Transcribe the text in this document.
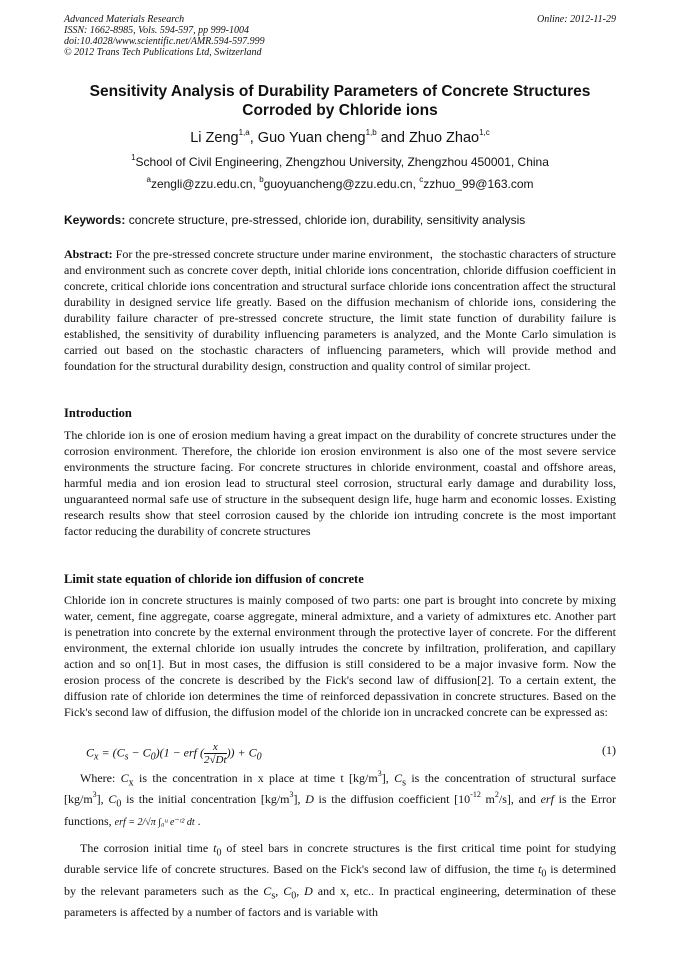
Advanced Materials Research
ISSN: 1662-8985, Vols. 594-597, pp 999-1004
doi:10.4028/www.scientific.net/AMR.594-597.999
© 2012 Trans Tech Publications Ltd, Switzerland
Online: 2012-11-29
Sensitivity Analysis of Durability Parameters of Concrete Structures
Corroded by Chloride ions
Li Zeng$^{1,a}$, Guo Yuan cheng$^{1,b}$ and Zhuo Zhao$^{1,c}$
$^1$School of Civil Engineering, Zhengzhou University, Zhengzhou 450001, China
$^a$zengli@zzu.edu.cn, $^b$guoyuancheng@zzu.edu.cn, $^c$zzhuo_99@163.com
Keywords: concrete structure, pre-stressed, chloride ion, durability, sensitivity analysis
Abstract: For the pre-stressed concrete structure under marine environment，the stochastic characters of structure and environment such as concrete cover depth, initial chloride ions concentration, chloride diffusion coefficient in concrete, critical chloride ions concentration and structural surface chloride ions concentration affect the structural durability in designed service life greatly. Based on the diffusion mechanism of chloride ions, considering the durability failure character of pre-stressed concrete structure, the limit state function of durability failure is established, the sensitivity of durability influencing parameters is analyzed, and the Monte Carlo simulation is carried out based on the stochastic characters of influencing parameters, which will provide method and foundation for the structural durability design, construction and quality control of similar project.
Introduction
The chloride ion is one of erosion medium having a great impact on the durability of concrete structures under the corrosion environment. Therefore, the chloride ion erosion environment is also one of the most severe service environments the structure facing. For concrete structures in chloride environment, coastal and offshore areas, harmful media and ion erosion lead to structural steel corrosion, structural early damage and durability loss, unguaranteed normal safe use of structure in the subsequent design life, huge harm and economic losses. Existing research results show that steel corrosion caused by the chloride ion intruding concrete is the most important factor reducing the durability of concrete structures
Limit state equation of chloride ion diffusion of concrete
Chloride ion in concrete structures is mainly composed of two parts: one part is brought into concrete by mixing water, cement, fine aggregate, coarse aggregate, mineral admixture, and a variety of admixtures etc. Another part is penetration into concrete by the external environment through the protective layer of concrete. For the different environment, the external chloride ion usually intrudes the concrete by infiltration, proliferation, and capillary action and so on[1]. But in most cases, the diffusion is still considered to be a major invasive form. Now the erosion process of the concrete is described by the Fick's second law of diffusion[2]. To a certain extent, the diffusion rate of chloride ion determines the time of reinforced depassivation in concrete structures. Based on the Fick's second law of diffusion, the diffusion model of the chloride ion in uncracked concrete can be expressed as:
$C_x = (C_s - C_0)(1$ − erf ( $\frac{x}{2√Dt}$ )) + $C_0$
(1)
Where: $C_x$ is the concentration in x place at time t $[kg/m^3]$, $C_s$ is the concentration of structural surface $[kg/m^3]$, $C_0$ is the initial concentration $[kg/m^3]$, D is the diffusion coefficient [$10^{-12}$ $m^2/s$], and erf is the Error functions, erf = 2/√π ∫₀ᵘ e⁻ᵗ² dt .
The corrosion initial time $t_0$ of steel bars in concrete structures is the first critical time point for studying durable service life of concrete structures. Based on the Fick's second law of diffusion, the time $t_0$ is determined by the relevant parameters such as the $C_s$, $C_0$, D and x, etc.. In practical engineering, determination of these parameters is affected by a number of factors and is variable with
